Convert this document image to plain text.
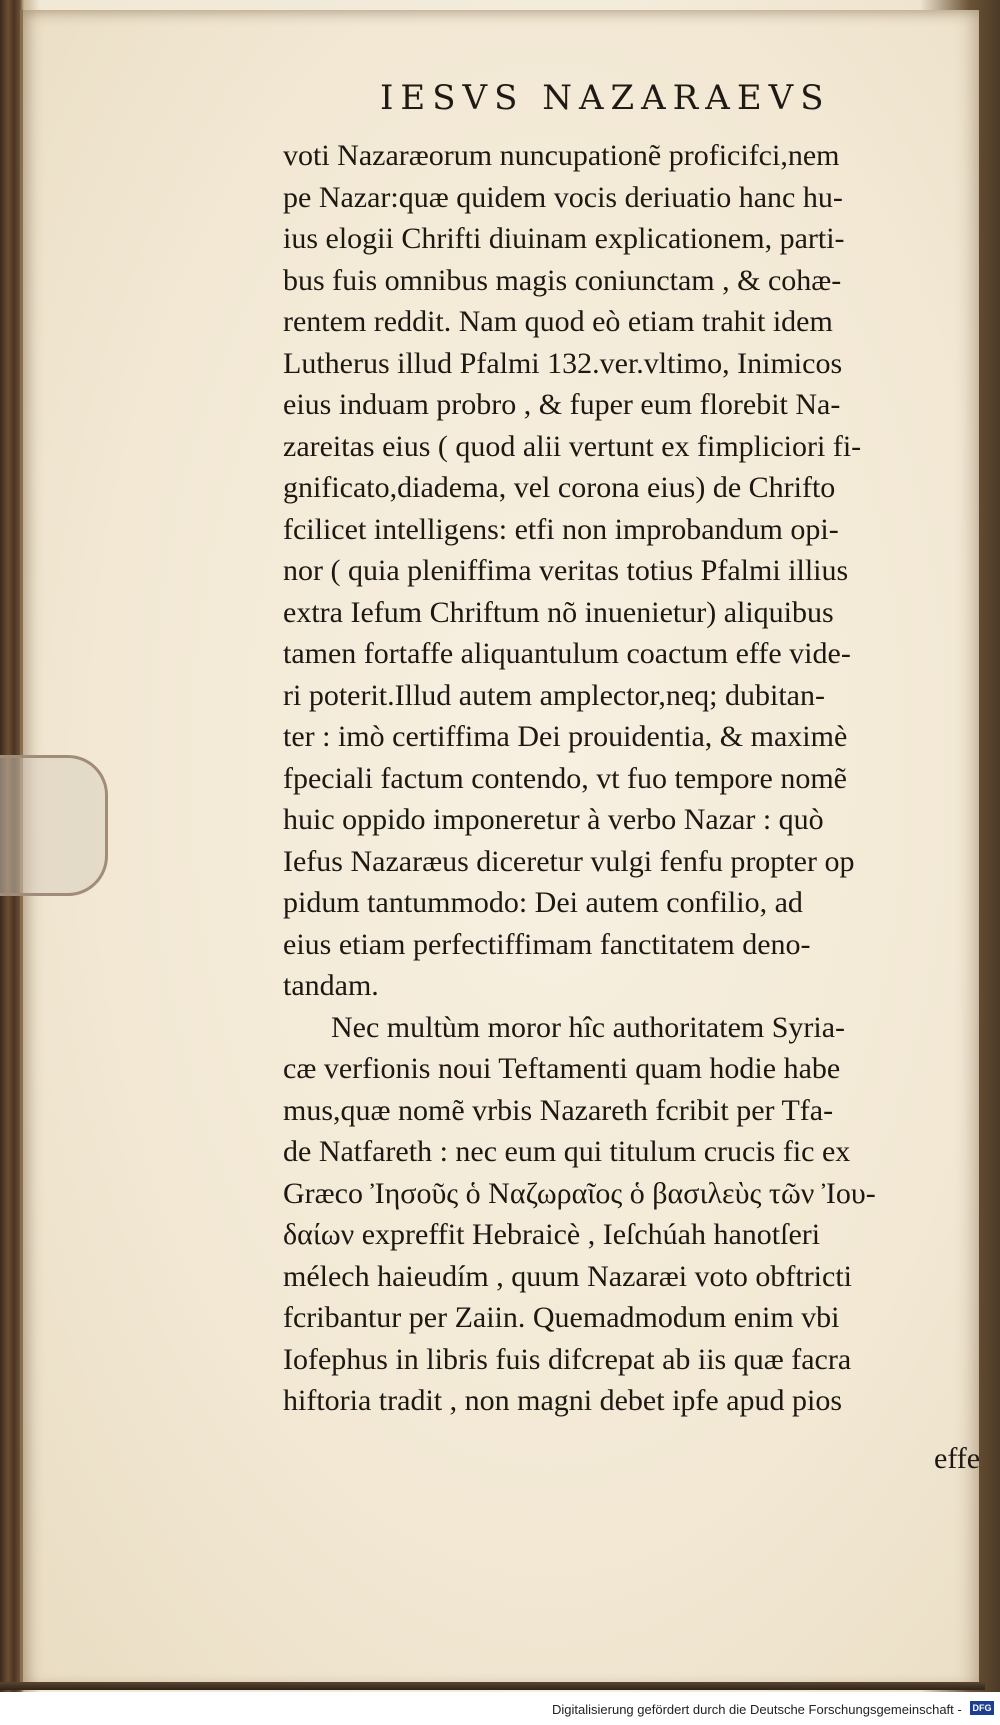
IESVS NAZARAEVS
voti Nazaræorum nuncupationẽ proficifci,nem
pe Nazar:quæ quidem vocis deriuatio hanc hu-
ius elogii Chrifti diuinam explicationem, parti-
bus fuis omnibus magis coniunctam , & cohæ-
rentem reddit. Nam quod eò etiam trahit idem
Lutherus illud Pfalmi 132.ver.vltimo, Inimicos
eius induam probro , & fuper eum florebit Na-
zareitas eius ( quod alii vertunt ex fimpliciori fi-
gnificato,diadema, vel corona eius) de Chrifto
fcilicet intelligens: etfi non improbandum opi-
nor ( quia pleniffima veritas totius Pfalmi illius
extra Iefum Chriftum nõ inuenietur) aliquibus
tamen fortaffe aliquantulum coactum effe vide-
ri poterit.Illud autem amplector,neq; dubitan-
ter : imò certiffima Dei prouidentia, & maximè
fpeciali factum contendo, vt fuo tempore nomẽ
huic oppido imponeretur à verbo Nazar : quò
Iefus Nazaræus diceretur vulgi fenfu propter op
pidum tantummodo: Dei autem confilio, ad
eius etiam perfectiffimam fanctitatem deno-
tandam.
Nec multùm moror hîc authoritatem Syria-
cæ verfionis noui Teftamenti quam hodie habe
mus,quæ nomẽ vrbis Nazareth fcribit per Tfa-
de Natfareth : nec eum qui titulum crucis fic ex
Græco Ἰησοῦς ὁ Ναζωραῖος ὁ βασιλεὺς τῶν Ἰου-
δαίων expreffit Hebraicè , Ieſchúah hanotſeri
mélech haieudím , quum Nazaræi voto obftricti
fcribantur per Zaiin. Quemadmodum enim vbi
Iofephus in libris fuis difcrepat ab iis quæ facra
hiftoria tradit , non magni debet ipfe apud pios
effe
Digitalisierung gefördert durch die Deutsche Forschungsgemeinschaft - DFG
